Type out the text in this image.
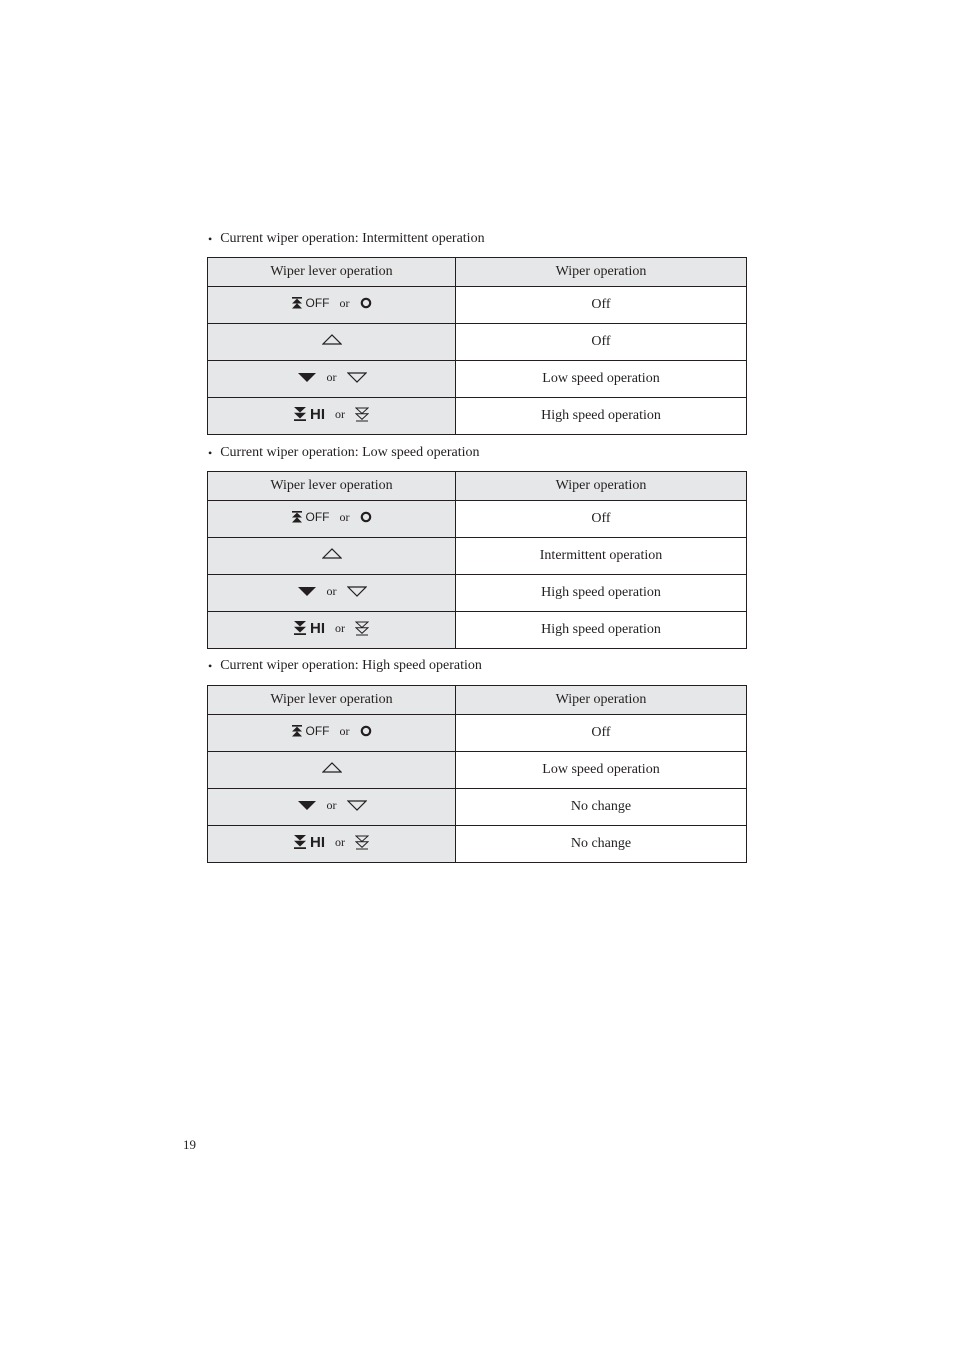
• Current wiper operation: Intermittent operation
Wiper lever operation	Wiper operation

OFF or	Off

	Off

or	Low speed operation

HI or	High speed operation
• Current wiper operation: Low speed operation
Wiper lever operation	Wiper operation

OFF or	Off

	Intermittent operation

or	High speed operation

HI or	High speed operation
• Current wiper operation: High speed operation
Wiper lever operation	Wiper operation

OFF or	Off

	Low speed operation

or	No change

HI or	No change
19
